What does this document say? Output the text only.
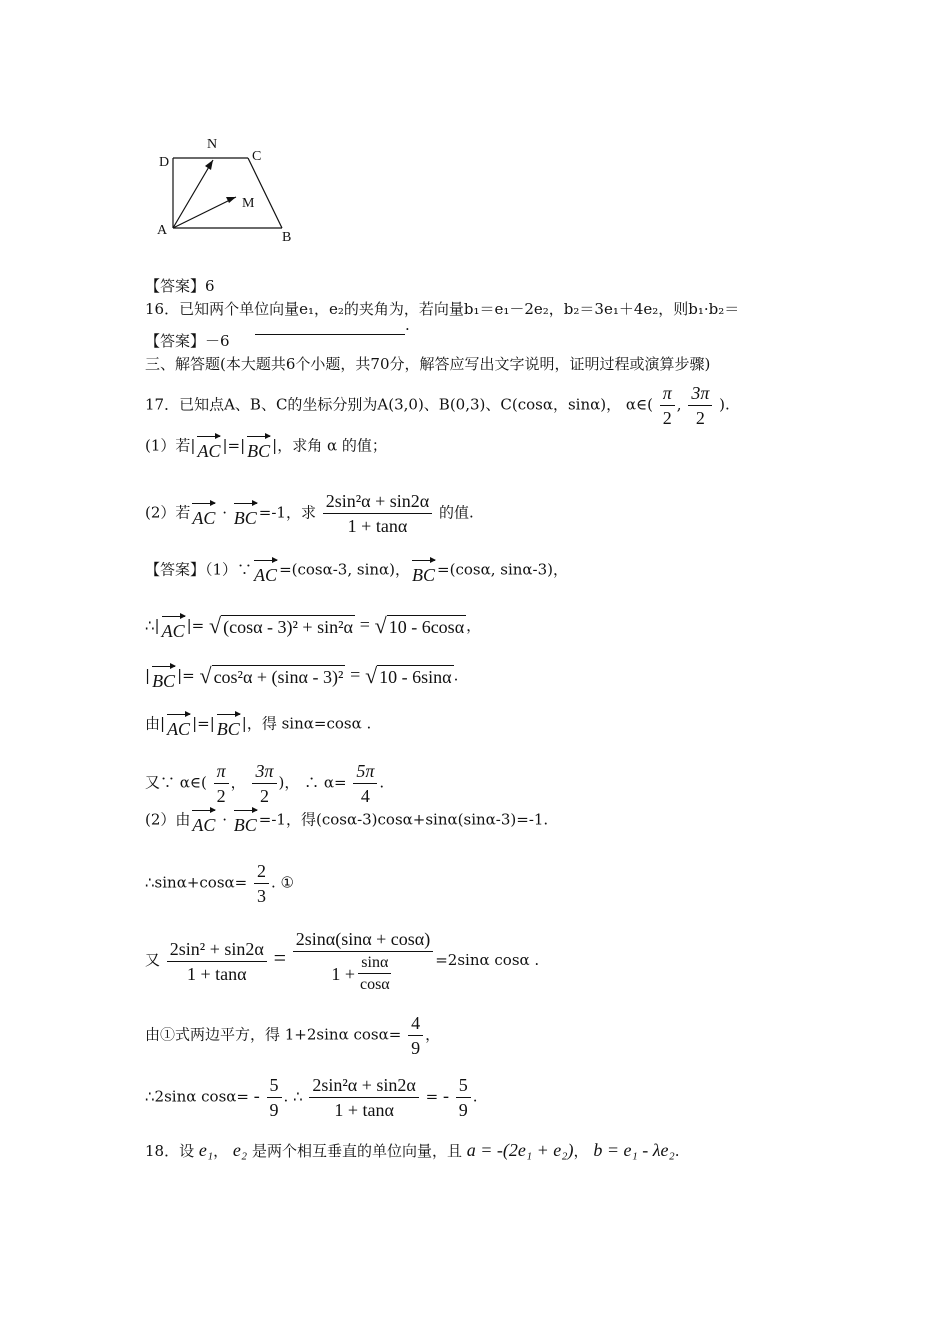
A	B
C
D
N
M
【答案】6
16．已知两个单位向量e₁，e₂的夹角为，若向量b₁＝e₁－2e₂，b₂＝3e₁＋4e₂，则b₁·b₂＝
.
【答案】－6
三、解答题(本大题共6个小题，共70分，解答应写出文字说明，证明过程或演算步骤)
17．已知点A、B、C的坐标分别为A(3,0)、B(0,3)、C(cosα，sinα)， α∈( $\frac{\pi}{2}$ , $\frac{3\pi}{2}$ ).
(1）若| AC |=| BC |，求角 α 的值；
(2）若 AC · BC =-1，求 $\frac{\text{2sin²α + sin2α}}{1 + \tan\alpha}$ 的值.
【答案】（1）∵ AC =(cosα-3, sinα)， BC =(cosα, sinα-3)，
∴| AC |= √ (cosα - 3)² + sin²α = √ 10 - 6cosα ，
| BC |= √ cos²α + (sinα - 3)² = √ 10 - 6sinα .
由| AC |=| BC |，得 sinα=cosα .
又∵ α∈( $\frac{\pi}{2}$ ， $\frac{3\pi}{2}$ )， ∴ $\alpha= \frac{5\pi}{4}$ .
(2）由 AC · BC =-1，得(cosα-3)cosα+sinα(sinα-3)=-1.
∴sinα+cosα= $\frac{2}{3}$ . ①
又 $\frac{\text{2sin² + sin2α}}{1 + \tan\alpha} = \frac{2\sin\alpha(\sin\alpha + \cos\alpha)}{1 + \frac{\sin\alpha}{\cos\alpha}} =2\sin\alpha$ cosα .
由①式两边平方，得 1+2sinα $\cos\alpha= \frac{4}{9}$ ，
∴2sinα $\cos\alpha= - \frac{5}{9}$ . ∴ $\frac{\text{2sin²α + sin2α}}{1 + \tan\alpha}$ = - $\frac{5}{9}$ .
18．设 e₁， e₂ 是两个相互垂直的单位向量，且 a = -(2e₁ + e₂)， b = e₁ - λe₂.
